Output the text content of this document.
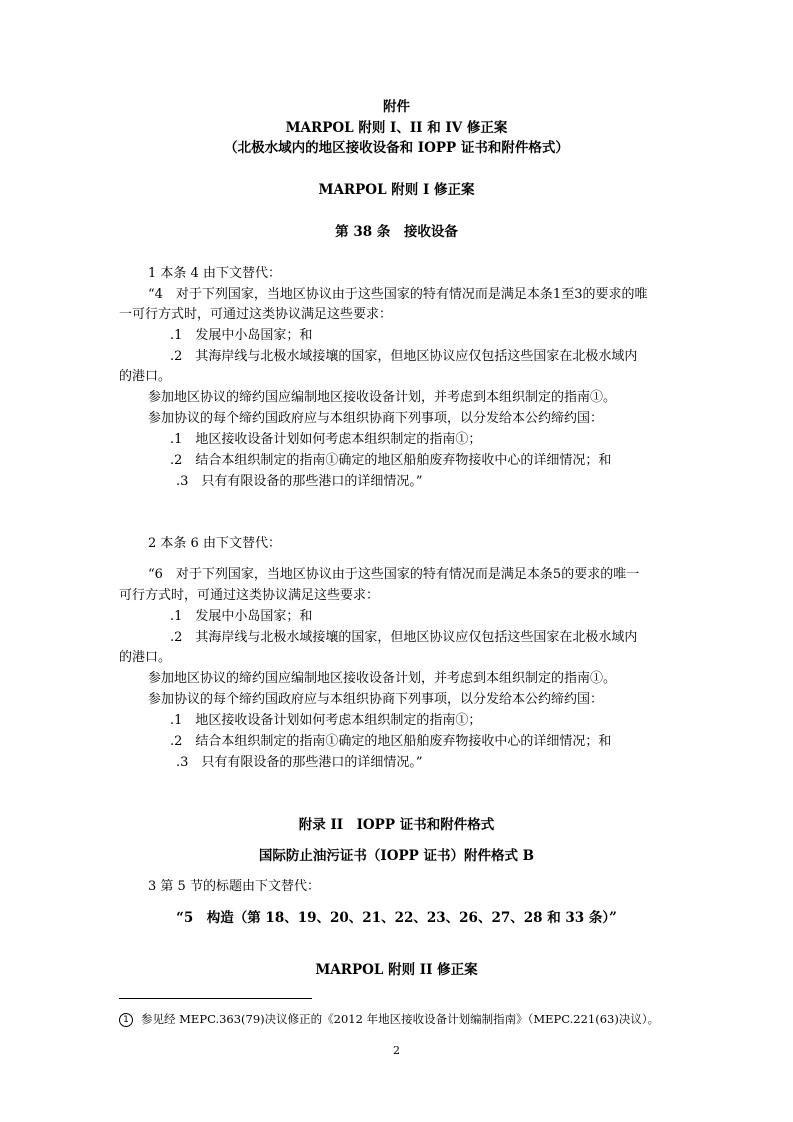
附件
MARPOL 附则 I、II 和 IV 修正案
（北极水域内的地区接收设备和 IOPP 证书和附件格式）
MARPOL 附则 I 修正案
第 38 条　接收设备
1 本条 4 由下文替代：
“4　对于下列国家，当地区协议由于这些国家的特有情况而是满足本条1至3的要求的唯
一可行方式时，可通过这类协议满足这些要求：
.1　发展中小岛国家；和
.2　其海岸线与北极水域接壤的国家，但地区协议应仅包括这些国家在北极水域内
的港口。
参加地区协议的缔约国应编制地区接收设备计划，并考虑到本组织制定的指南①。
参加协议的每个缔约国政府应与本组织协商下列事项，以分发给本公约缔约国：
.1　地区接收设备计划如何考虑本组织制定的指南①；
.2　结合本组织制定的指南①确定的地区船舶废弃物接收中心的详细情况；和
.3　只有有限设备的那些港口的详细情况。”
2 本条 6 由下文替代：
“6　对于下列国家，当地区协议由于这些国家的特有情况而是满足本条5的要求的唯一
可行方式时，可通过这类协议满足这些要求：
.1　发展中小岛国家；和
.2　其海岸线与北极水域接壤的国家，但地区协议应仅包括这些国家在北极水域内
的港口。
参加地区协议的缔约国应编制地区接收设备计划，并考虑到本组织制定的指南①。
参加协议的每个缔约国政府应与本组织协商下列事项，以分发给本公约缔约国：
.1　地区接收设备计划如何考虑本组织制定的指南①；
.2　结合本组织制定的指南①确定的地区船舶废弃物接收中心的详细情况；和
.3　只有有限设备的那些港口的详细情况。”
附录 II　IOPP 证书和附件格式
国际防止油污证书（IOPP 证书）附件格式 B
3 第 5 节的标题由下文替代：
“5　构造（第 18、19、20、21、22、23、26、27、28 和 33 条）”
MARPOL 附则 II 修正案
1 参见经 MEPC.363(79)决议修正的《2012 年地区接收设备计划编制指南》（MEPC.221(63)决议）。
2
